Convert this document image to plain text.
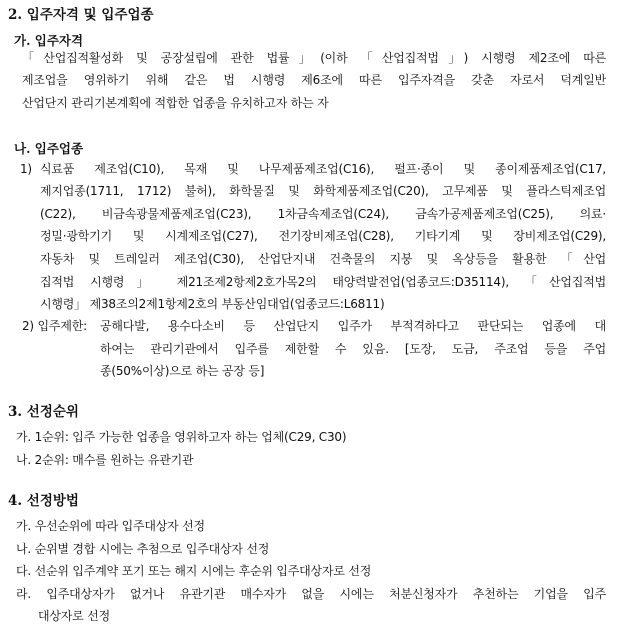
2. 입주자격 및 입주업종
가. 입주자격
「산업집적활성화 및 공장설립에 관한 법률」(이하 「산업집적법」) 시행령 제2조에 따른
제조업을 영위하기 위해 같은 법 시행령 제6조에 따른 입주자격을 갖춘 자로서 덕계일반
산업단지 관리기본계획에 적합한 업종을 유치하고자 하는 자
나. 입주업종
1) 식료품 제조업(C10), 목재 및 나무제품제조업(C16), 펄프·종이 및 종이제품제조업(C17,
제지업종(1711, 1712) 불허), 화학물질 및 화학제품제조업(C20), 고무제품 및 플라스틱제조업
(C22), 비금속광물제품제조업(C23), 1차금속제조업(C24), 금속가공제품제조업(C25), 의료·
정밀·광학기기 및 시계제조업(C27), 전기장비제조업(C28), 기타기계 및 장비제조업(C29),
자동차 및 트레일러 제조업(C30), 산업단지내 건축물의 지붕 및 옥상등을 활용한 「산업
집적법 시행령」 제21조제2항제2호가목2의 태양력발전업(업종코드:D35114), 「산업집적법
시행령」 제38조의2제1항제2호의 부동산임대업(업종코드:L6811)
2) 입주제한: 공해다발, 용수다소비 등 산업단지 입주가 부적격하다고 판단되는 업종에 대
하여는 관리기관에서 입주를 제한할 수 있음. [도장, 도금, 주조업 등을 주업
종(50%이상)으로 하는 공장 등]
3. 선정순위
가. 1순위: 입주 가능한 업종을 영위하고자 하는 업체(C29, C30)
나. 2순위: 매수를 원하는 유관기관
4. 선정방법
가. 우선순위에 따라 입주대상자 선정
나. 순위별 경합 시에는 추첨으로 입주대상자 선정
다. 선순위 입주계약 포기 또는 해지 시에는 후순위 입주대상자로 선정
라. 입주대상자가 없거나 유관기관 매수자가 없을 시에는 처분신청자가 추천하는 기업을 입주
대상자로 선정
